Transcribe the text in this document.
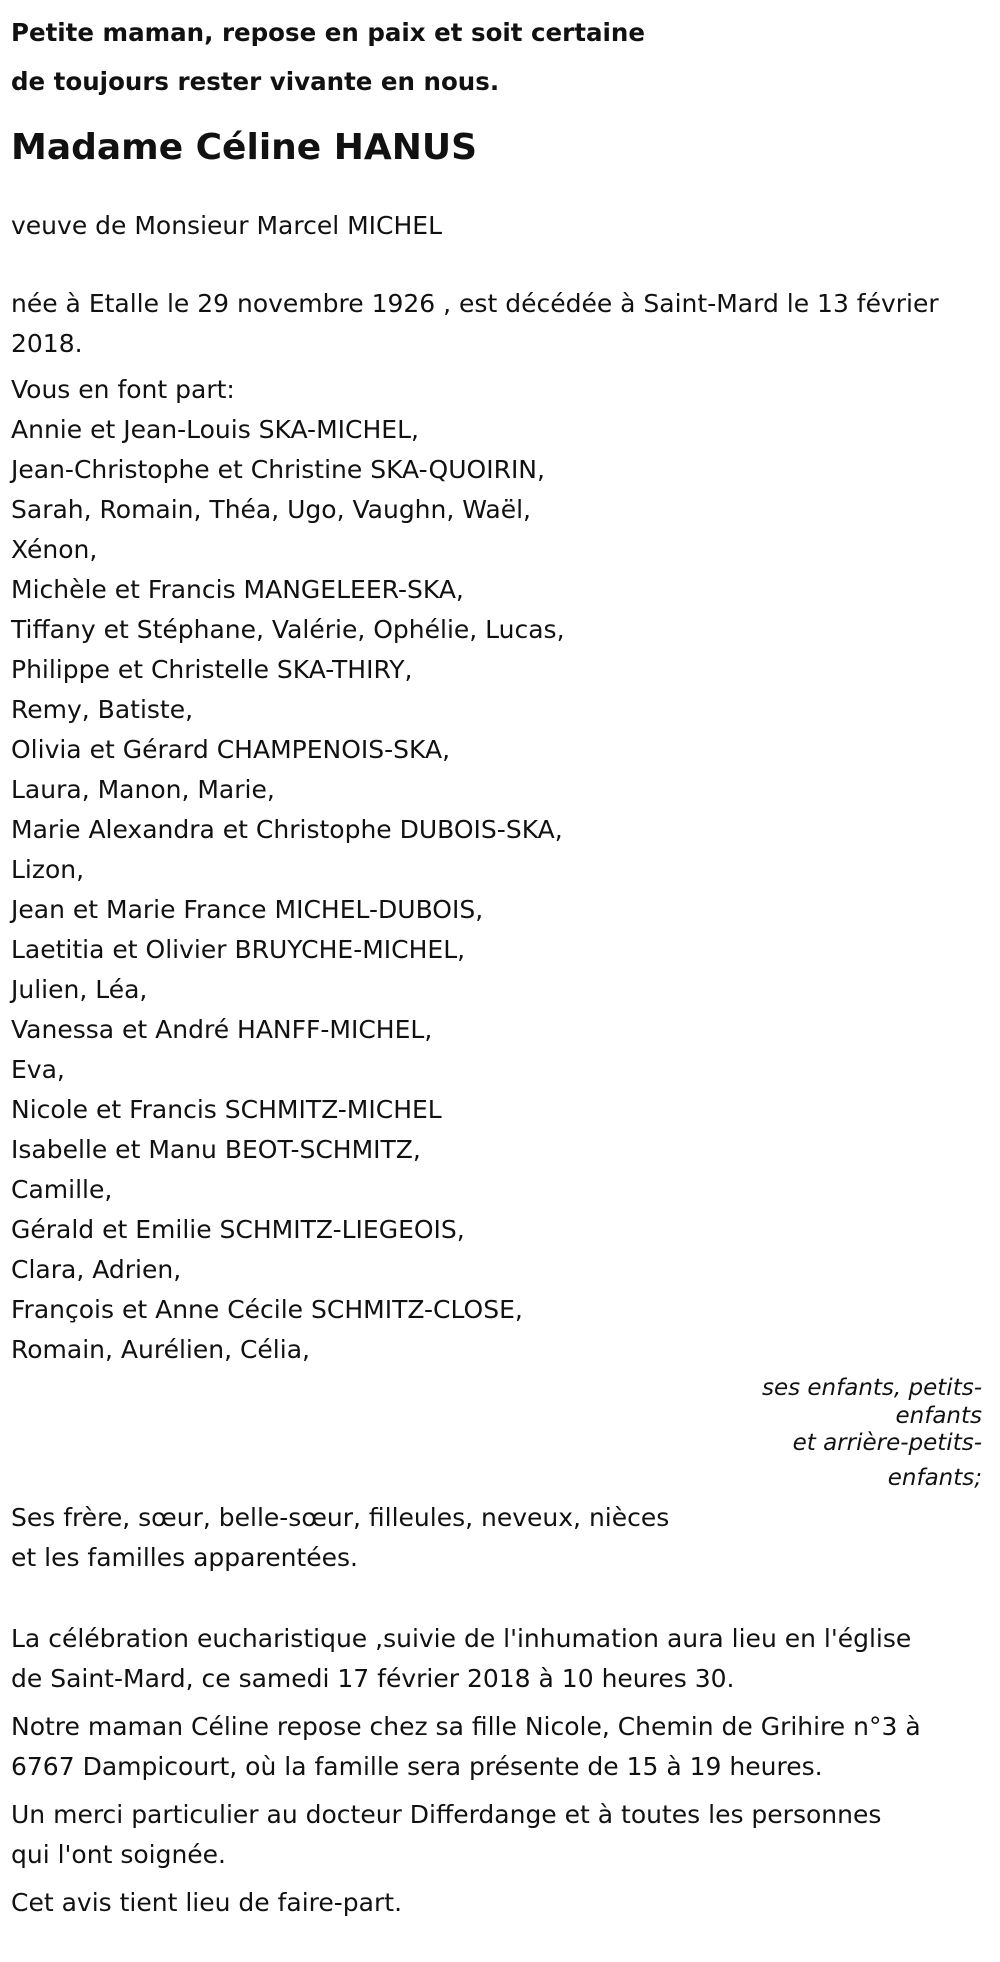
Petite maman, repose en paix et soit certaine

de toujours rester vivante en nous.

Madame Céline HANUS

veuve de Monsieur Marcel MICHEL

née à Etalle le 29 novembre 1926 , est décédée à Saint-Mard le 13 février

2018.

Vous en font part:

Annie et Jean-Louis SKA-MICHEL,
Jean-Christophe et Christine SKA-QUOIRIN,
Sarah, Romain, Théa, Ugo, Vaughn, Waël,
Xénon,
Michèle et Francis MANGELEER-SKA,
Tiffany et Stéphane, Valérie, Ophélie, Lucas,
Philippe et Christelle SKA-THIRY,
Remy, Batiste,
Olivia et Gérard CHAMPENOIS-SKA,
Laura, Manon, Marie,
Marie Alexandra et Christophe DUBOIS-SKA,
Lizon,
Jean et Marie France MICHEL-DUBOIS,
Laetitia et Olivier BRUYCHE-MICHEL,
Julien, Léa,
Vanessa et André HANFF-MICHEL,
Eva,
Nicole et Francis SCHMITZ-MICHEL
Isabelle et Manu BEOT-SCHMITZ,
Camille,
Gérald et Emilie SCHMITZ-LIEGEOIS,
Clara, Adrien,
François et Anne Cécile SCHMITZ-CLOSE,
Romain, Aurélien, Célia,
ses enfants, petits-
enfants
et arrière-petits-
enfants;

Ses frère, sœur, belle-sœur, filleules, neveux, nièces

et les familles apparentées.

La célébration eucharistique ,suivie de l'inhumation aura lieu en l'église

de Saint-Mard, ce samedi 17 février 2018 à 10 heures 30.

Notre maman Céline repose chez sa fille Nicole, Chemin de Grihire n°3 à

6767 Dampicourt, où la famille sera présente de 15 à 19 heures.

Un merci particulier au docteur Differdange et à toutes les personnes

qui l'ont soignée.

Cet avis tient lieu de faire-part.
